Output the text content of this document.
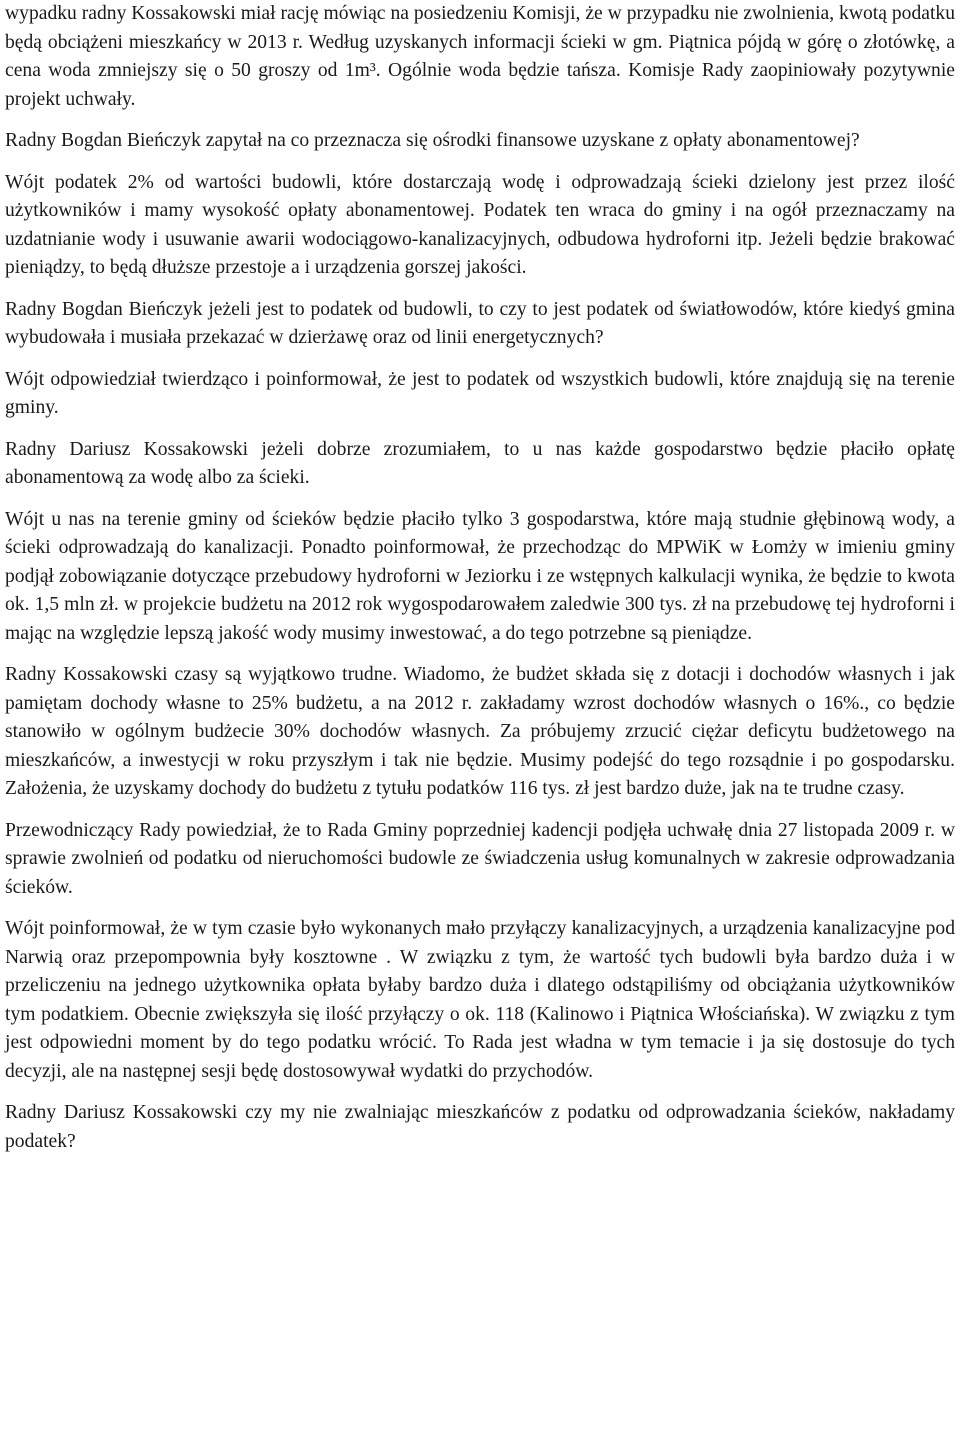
wypadku radny Kossakowski miał rację mówiąc na posiedzeniu Komisji, że w przypadku nie zwolnienia, kwotą podatku będą obciążeni mieszkańcy w 2013 r. Według uzyskanych informacji ścieki w gm. Piątnica pójdą w górę o złotówkę, a cena woda zmniejszy się o 50 groszy od 1m³. Ogólnie woda będzie tańsza. Komisje Rady zaopiniowały pozytywnie projekt uchwały.

Radny Bogdan Bieńczyk zapytał na co przeznacza się ośrodki finansowe uzyskane z opłaty abonamentowej?

Wójt podatek 2% od wartości budowli, które dostarczają wodę i odprowadzają ścieki dzielony jest przez ilość użytkowników i mamy wysokość opłaty abonamentowej. Podatek ten wraca do gminy i na ogół przeznaczamy na uzdatnianie wody i usuwanie awarii wodociągowo-kanalizacyjnych, odbudowa hydroforni itp. Jeżeli będzie brakować pieniądzy, to będą dłuższe przestoje a i urządzenia gorszej jakości.

Radny Bogdan Bieńczyk jeżeli jest to podatek od budowli, to czy to jest podatek od światłowodów, które kiedyś gmina wybudowała i musiała przekazać w dzierżawę oraz od linii energetycznych?

Wójt odpowiedział twierdząco i poinformował, że jest to podatek od wszystkich budowli, które znajdują się na terenie gminy.

Radny Dariusz Kossakowski jeżeli dobrze zrozumiałem, to u nas każde gospodarstwo będzie płaciło opłatę abonamentową za wodę albo za ścieki.

Wójt u nas na terenie gminy od ścieków będzie płaciło tylko 3 gospodarstwa, które mają studnie głębinową wody, a ścieki odprowadzają do kanalizacji. Ponadto poinformował, że przechodząc do MPWiK w Łomży w imieniu gminy podjął zobowiązanie dotyczące przebudowy hydroforni w Jeziorku i ze wstępnych kalkulacji wynika, że będzie to kwota ok. 1,5 mln zł. w projekcie budżetu na 2012 rok wygospodarowałem zaledwie 300 tys. zł na przebudowę tej hydroforni i mając na względzie lepszą jakość wody musimy inwestować, a do tego potrzebne są pieniądze.

Radny Kossakowski czasy są wyjątkowo trudne. Wiadomo, że budżet składa się z dotacji i dochodów własnych i jak pamiętam dochody własne to 25% budżetu, a na 2012 r. zakładamy wzrost dochodów własnych o 16%., co będzie stanowiło w ogólnym budżecie 30% dochodów własnych. Za próbujemy zrzucić ciężar deficytu budżetowego na mieszkańców, a inwestycji w roku przyszłym i tak nie będzie. Musimy podejść do tego rozsądnie i po gospodarsku. Założenia, że uzyskamy dochody do budżetu z tytułu podatków 116 tys. zł jest bardzo duże, jak na te trudne czasy.

Przewodniczący Rady powiedział, że to Rada Gminy poprzedniej kadencji podjęła uchwałę dnia 27 listopada 2009 r. w sprawie zwolnień od podatku od nieruchomości budowle ze świadczenia usług komunalnych w zakresie odprowadzania ścieków.

Wójt poinformował, że w tym czasie było wykonanych mało przyłączy kanalizacyjnych, a urządzenia kanalizacyjne pod Narwią oraz przepompownia były kosztowne . W związku z tym, że wartość tych budowli była bardzo duża i w przeliczeniu na jednego użytkownika opłata byłaby bardzo duża i dlatego odstąpiliśmy od obciążania użytkowników tym podatkiem. Obecnie zwiększyła się ilość przyłączy o ok. 118 (Kalinowo i Piątnica Włościańska). W związku z tym jest odpowiedni moment by do tego podatku wrócić. To Rada jest władna w tym temacie i ja się dostosuje do tych decyzji, ale na następnej sesji będę dostosowywał wydatki do przychodów.

Radny Dariusz Kossakowski czy my nie zwalniając mieszkańców z podatku od odprowadzania ścieków, nakładamy podatek?
